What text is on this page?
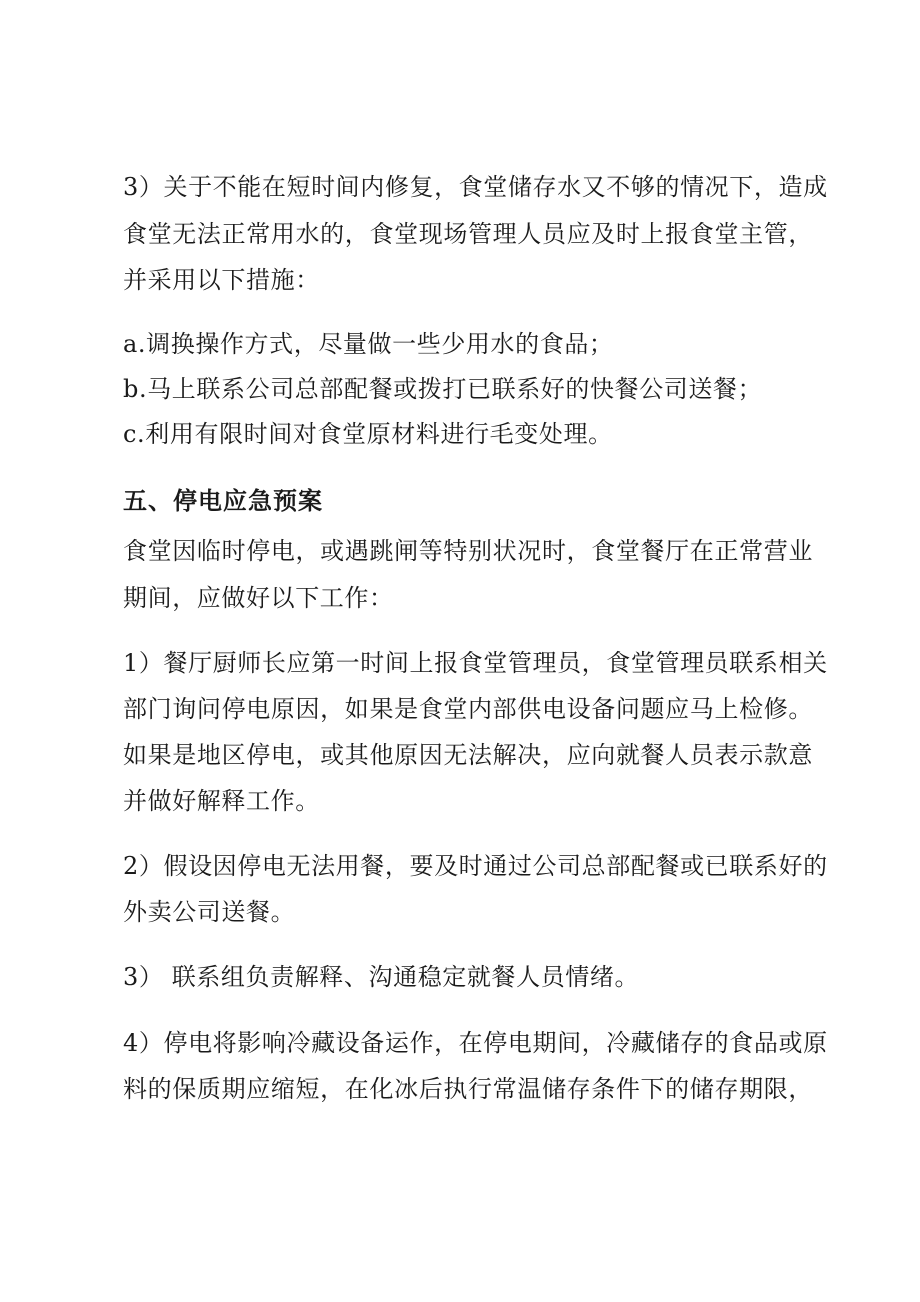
3）关于不能在短时间内修复，食堂储存水又不够的情况下，造成
食堂无法正常用水的，食堂现场管理人员应及时上报食堂主管，
并采用以下措施：
a.调换操作方式，尽量做一些少用水的食品；
b.马上联系公司总部配餐或拨打已联系好的快餐公司送餐；
c.利用有限时间对食堂原材料进行毛变处理。
五、停电应急预案
食堂因临时停电，或遇跳闸等特别状况时，食堂餐厅在正常营业
期间，应做好以下工作：
1）餐厅厨师长应第一时间上报食堂管理员，食堂管理员联系相关
部门询问停电原因，如果是食堂内部供电设备问题应马上检修。
如果是地区停电，或其他原因无法解决，应向就餐人员表示款意
并做好解释工作。
2）假设因停电无法用餐，要及时通过公司总部配餐或已联系好的
外卖公司送餐。
3） 联系组负责解释、沟通稳定就餐人员情绪。
4）停电将影响冷藏设备运作，在停电期间，冷藏储存的食品或原
料的保质期应缩短，在化冰后执行常温储存条件下的储存期限，
